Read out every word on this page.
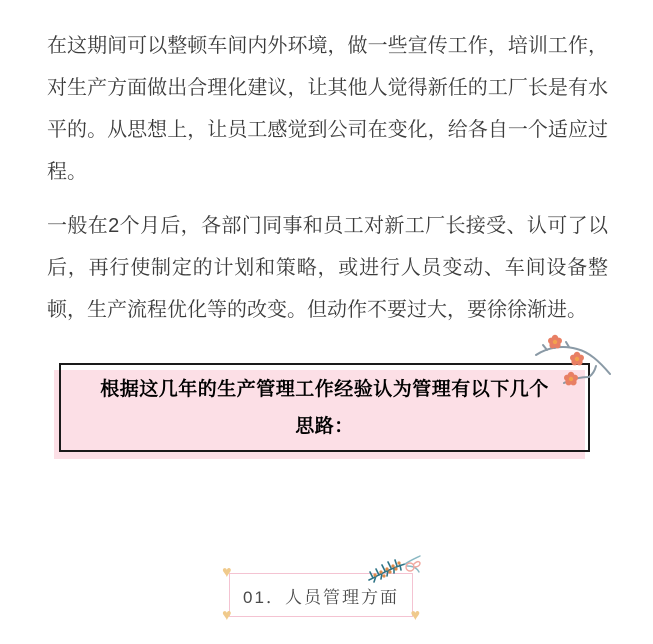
在这期间可以整顿车间内外环境，做一些宣传工作，培训工作，对生产方面做出合理化建议，让其他人觉得新任的工厂长是有水平的。从思想上，让员工感觉到公司在变化，给各自一个适应过程。

一般在2个月后，各部门同事和员工对新工厂长接受、认可了以后，再行使制定的计划和策略，或进行人员变动、车间设备整顿，生产流程优化等的改变。但动作不要过大，要徐徐渐进。

根据这几年的生产管理工作经验认为管理有以下几个思路：
♥
♥	♥
01．人员管理方面
